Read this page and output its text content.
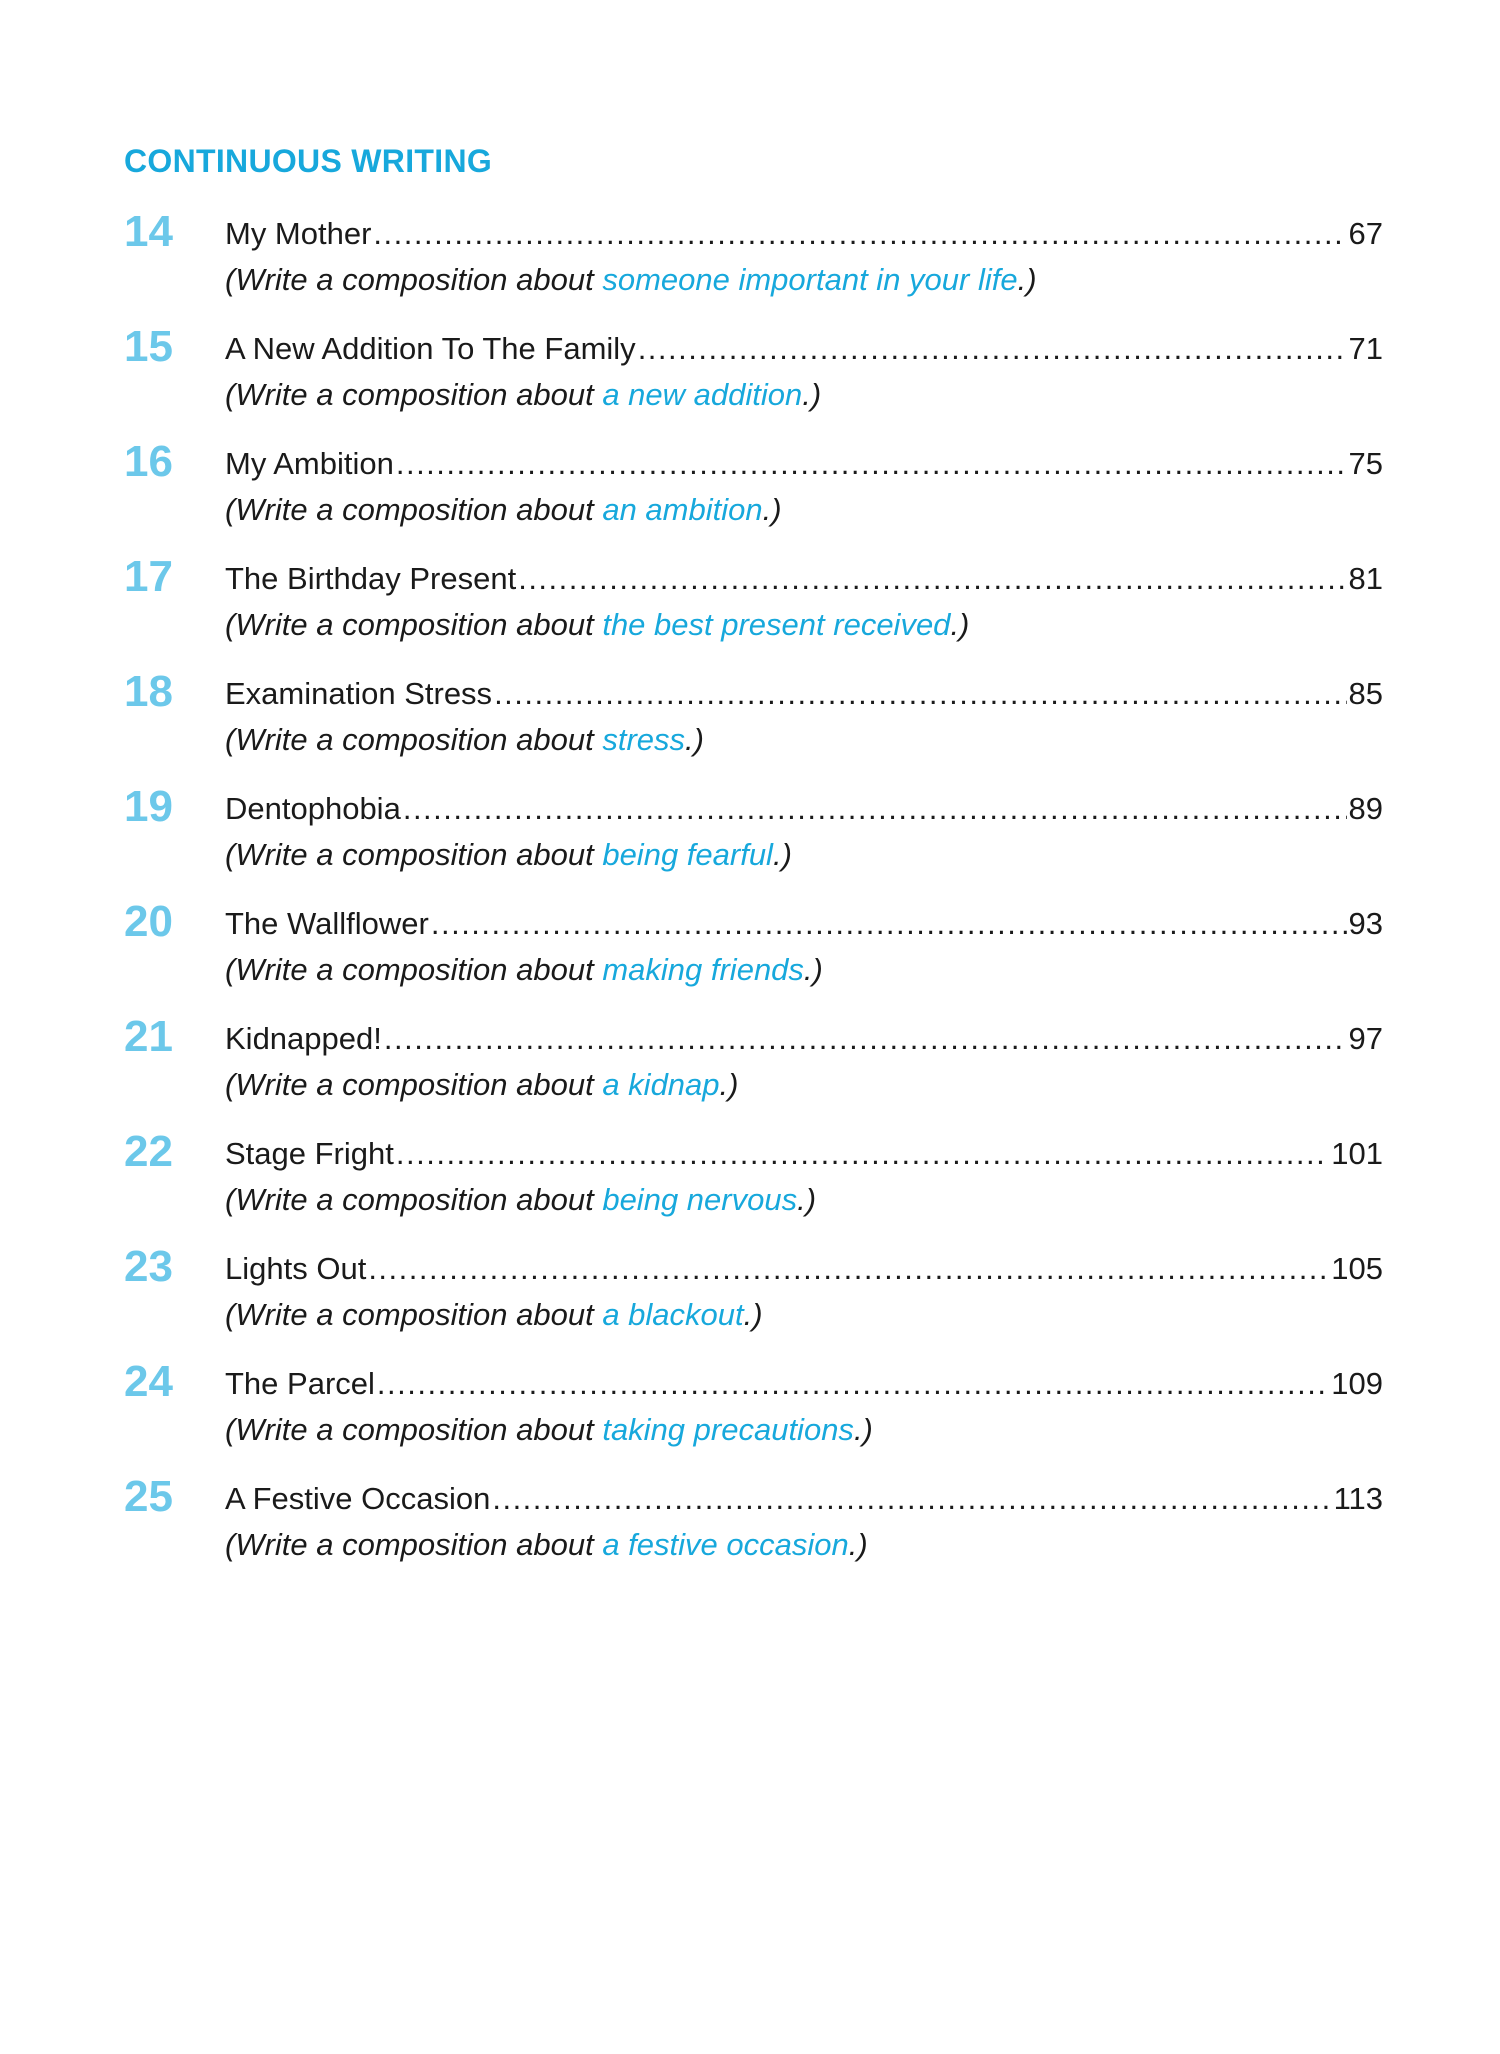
CONTINUOUS WRITING
14 My Mother .....	67
(Write a composition about someone important in your life.)
15 A New Addition To The Family .....	71
(Write a composition about a new addition.)
16 My Ambition .....	75
(Write a composition about an ambition.)
17 The Birthday Present .....	81
(Write a composition about the best present received.)
18 Examination Stress .....	85
(Write a composition about stress.)
19 Dentophobia .....	89
(Write a composition about being fearful.)
20 The Wallflower .....	93
(Write a composition about making friends.)
21 Kidnapped! .....	97
(Write a composition about a kidnap.)
22 Stage Fright .....	101
(Write a composition about being nervous.)
23 Lights Out .....	105
(Write a composition about a blackout.)
24 The Parcel .....	109
(Write a composition about taking precautions.)
25 A Festive Occasion .....	113
(Write a composition about a festive occasion.)
